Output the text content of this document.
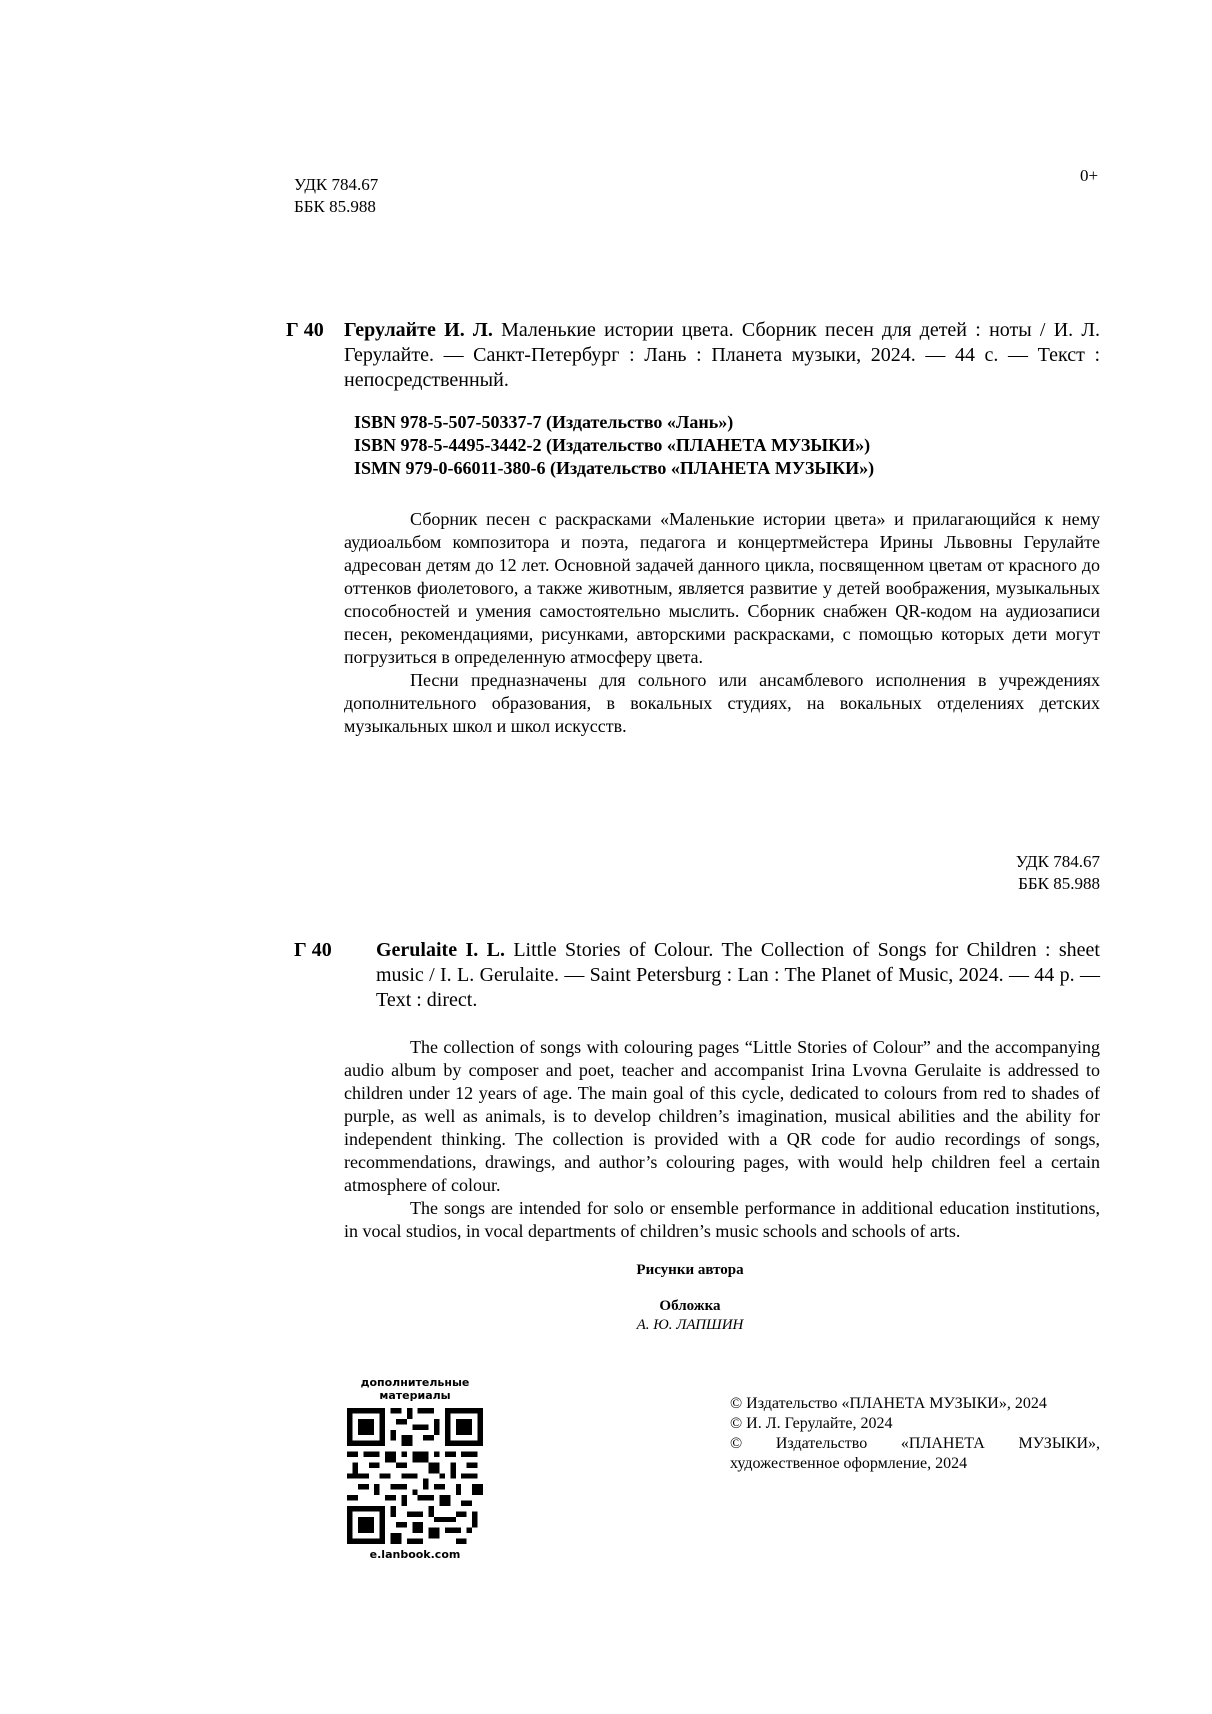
УДК 784.67
ББК 85.988
0+
Г 40 Герулайте И. Л. Маленькие истории цвета. Сборник песен для детей : ноты / И. Л. Герулайте. — Санкт-Петербург : Лань : Планета музыки, 2024. — 44 с. — Текст : непосредственный.
ISBN 978-5-507-50337-7 (Издательство «Лань»)
ISBN 978-5-4495-3442-2 (Издательство «ПЛАНЕТА МУЗЫКИ»)
ISMN 979-0-66011-380-6 (Издательство «ПЛАНЕТА МУЗЫКИ»)

Сборник песен с раскрасками «Маленькие истории цвета» и прилагающийся к нему аудиоальбом композитора и поэта, педагога и концертмейстера Ирины Львовны Герулайте адресован детям до 12 лет. Основной задачей данного цикла, посвященном цветам от красного до оттенков фиолетового, а также животным, является развитие у детей воображения, музыкальных способностей и умения самостоятельно мыслить. Сборник снабжен QR-кодом на аудиозаписи песен, рекомендациями, рисунками, авторскими раскрасками, с помощью которых дети могут погрузиться в определенную атмосферу цвета.

Песни предназначены для сольного или ансамблевого исполнения в учреждениях дополнительного образования, в вокальных студиях, на вокальных отделениях детских музыкальных школ и школ искусств.

УДК 784.67
ББК 85.988
Г 40 Gerulaite I. L. Little Stories of Colour. The Collection of Songs for Children : sheet music / I. L. Gerulaite. — Saint Petersburg : Lan : The Planet of Music, 2024. — 44 p. — Text : direct.

The collection of songs with colouring pages “Little Stories of Colour” and the accompanying audio album by composer and poet, teacher and accompanist Irina Lvovna Gerulaite is addressed to children under 12 years of age. The main goal of this cycle, dedicated to colours from red to shades of purple, as well as animals, is to develop children’s imagination, musical abilities and the ability for independent thinking. The collection is provided with a QR code for audio recordings of songs, recommendations, drawings, and author’s colouring pages, with would help children feel a certain atmosphere of colour.

The songs are intended for solo or ensemble performance in additional education institutions, in vocal studios, in vocal departments of children’s music schools and schools of arts.

Рисунки автора
Обложка
А. Ю. ЛАПШИН
дополнительные материалы
e.lanbook.com
© Издательство «ПЛАНЕТА МУЗЫКИ», 2024
© И. Л. Герулайте, 2024
© Издательство «ПЛАНЕТА МУЗЫКИ», художественное оформление, 2024
